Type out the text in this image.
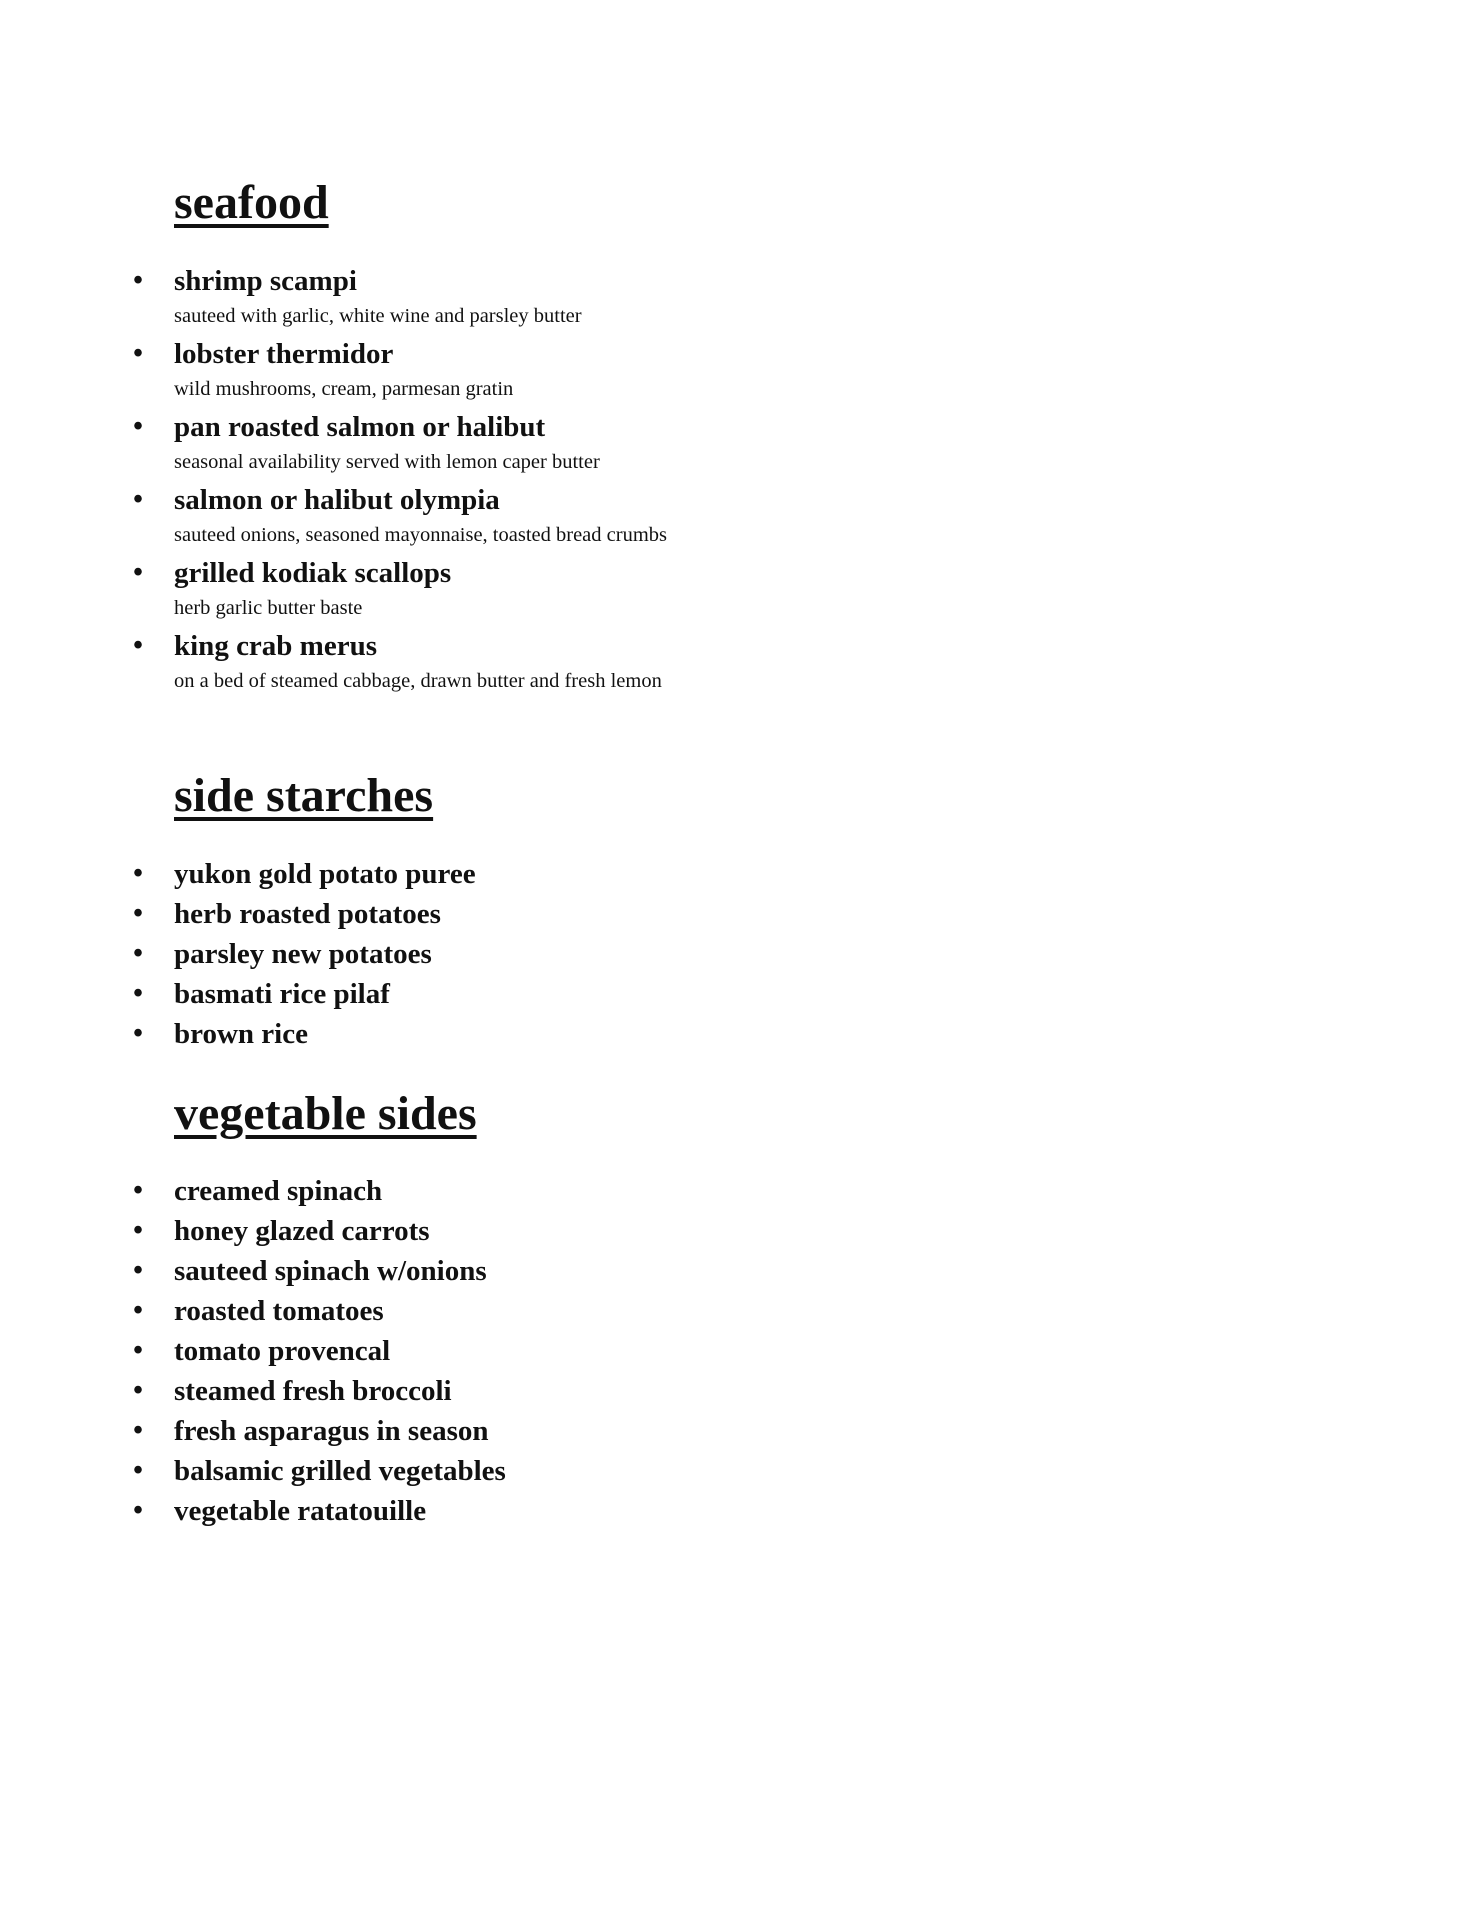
seafood
• shrimp scampi
sauteed with garlic, white wine and parsley butter
• lobster thermidor
wild mushrooms, cream, parmesan gratin
• pan roasted salmon or halibut
seasonal availability served with lemon caper butter
• salmon or halibut olympia
sauteed onions, seasoned mayonnaise, toasted bread crumbs
• grilled kodiak scallops
herb garlic butter baste
• king crab merus
on a bed of steamed cabbage, drawn butter and fresh lemon
side starches
• yukon gold potato puree
• herb roasted potatoes
• parsley new potatoes
• basmati rice pilaf
• brown rice
vegetable sides
• creamed spinach
• honey glazed carrots
• sauteed spinach w/onions
• roasted tomatoes
• tomato provencal
• steamed fresh broccoli
• fresh asparagus in season
• balsamic grilled vegetables
• vegetable ratatouille
